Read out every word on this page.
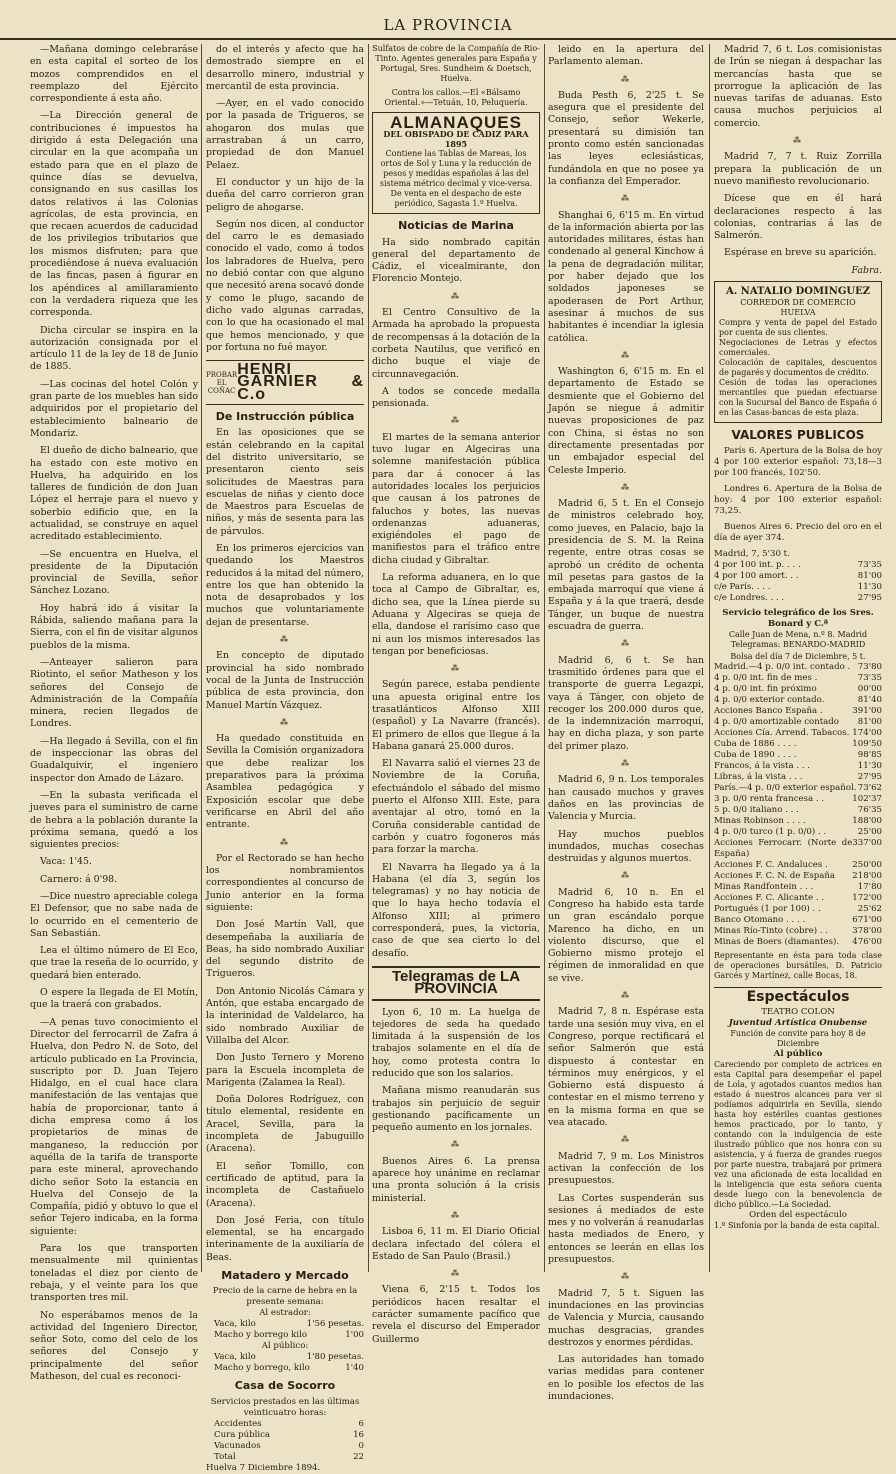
LA PROVINCIA

—Mañana domingo celebraráse en esta capital el sorteo de los mozos comprendidos en el reemplazo del Ejército correspondiente á esta año.

—La Dirección general de contribuciones é impuestos ha dirigido á esta Delegación una circular en la que acompaña un estado para que en el plazo de quince días se devuelva, consignando en sus casillas los datos relativos á las Colonias agrícolas, de esta provincia, en que recaen acuerdos de caducidad de los privilegios tributarios que los mismos disfruten; para que procediéndose á nueva evaluación de las fincas, pasen á figurar en los apéndices al amillaramiento con la verdadera riqueza que les corresponda.

Dicha circular se inspira en la autorización consignada por el artículo 11 de la ley de 18 de Junio de 1885.

—Las cocinas del hotel Colón y gran parte de los muebles han sido adquiridos por el propietario del establecimiento balneario de Mondariz.

El dueño de dicho balneario, que ha estado con este motivo en Huelva, ha adquirido en los talleres de fundición de don Juan López el herraje para el nuevo y soberbio edificio que, en la actualidad, se construye en aquel acreditado establecimiento.

—Se encuentra en Huelva, el presidente de la Diputación provincial de Sevilla, señor Sánchez Lozano.

Hoy habrá ido á visitar la Rábida, saliendo mañana para la Sierra, con el fin de visitar algunos pueblos de la misma.

—Anteayer salieron para Riotinto, el señor Matheson y los señores del Consejo de Administración de la Compañía minera, recien llegados de Londres.

—Ha llegado á Sevilla, con el fin de inspeccionar las obras del Guadalquivir, el ingeniero inspector don Amado de Lázaro.

—En la subasta verificada el jueves para el suministro de carne de hebra a la población durante la próxima semana, quedó a los siguientes precios:

Vaca: 1'45.

Carnero: á 0'98.

—Dice nuestro apreciable colega El Defensor, que no sabe nada de lo ocurrido en el cementerio de San Sebastián.

Lea el último número de El Eco, que trae la reseña de lo ocurrido, y quedará bien enterado.

O espere la llegada de El Motín, que la traerá con grabados.

—A penas tuvo conocimiento el Director del ferrocarril de Zafra á Huelva, don Pedro N. de Soto, del artículo publicado en La Provincia, suscripto por D. Juan Tejero Hidalgo, en el cual hace clara manifestación de las ventajas que había de proporcionar, tanto á dicha empresa como á los propietarios de minas de manganeso, la reducción por aquélla de la tarifa de transporte para este mineral, aprovechando dicho señor Soto la estancia en Huelva del Consejo de la Compañía, pidió y obtuvo lo que el señor Tejero indicaba, en la forma siguiente:

Para los que transporten mensualmente mil quinientas toneladas el diez por ciento de rebaja, y el veinte para los que transporten tres mil.

No esperábamos menos de la actividad del Ingeniero Director, señor Soto, como del celo de los señores del Consejo y principalmente del señor Matheson, del cual es reconoci-

do el interés y afecto que ha demostrado siempre en el desarrollo minero, industrial y mercantil de esta provincia.

—Ayer, en el vado conocido por la pasada de Trigueros, se ahogaron dos mulas que arrastraban á un carro, propiedad de don Manuel Pelaez.

El conductor y un hijo de la dueña del carro corrieron gran peligro de ahogarse.

Según nos dicen, al conductor del carro le es demasiado conocido el vado, como á todos los labradores de Huelva, pero no debió contar con que alguno que necesitó arena socavó donde y como le plugo, sacando de dicho vado algunas carradas, con lo que ha ocasionado el mal que hemos mencionado, y que por fortuna no fué mayor.

PROBAR EL COÑAC
HENRI GARNIER & C.o
De Instrucción pública

En las oposiciones que se están celebrando en la capital del distrito universitario, se presentaron ciento seis solicitudes de Maestras para escuelas de niñas y ciento doce de Maestros para Escuelas de niños, y más de sesenta para las de párvulos.

En los primeros ejercicios van quedando los Maestros reducidos á la mitad del número, entre los que han obtenido la nota de desaprobados y los muchos que voluntariamente dejan de presentarse.

⁂

En concepto de diputado provincial ha sido nombrado vocal de la Junta de Instrucción pública de esta provincia, don Manuel Martín Vázquez.

⁂

Ha quedado constituida en Sevilla la Comisión organizadora que debe realizar los preparativos para la próxima Asamblea pedagógica y Exposición escolar que debe verificarse en Abril del año entrante.

⁂

Por el Rectorado se han hecho los nombramientos correspondientes al concurso de Junio anterior en la forma siguiente:

Don José Martín Vall, que desempeñaba la auxiliaría de Beas, ha sido nombrado Auxiliar del segundo distrito de Trigueros.

Don Antonio Nicolás Cámara y Antón, que estaba encargado de la interinidad de Valdelarco, ha sido nombrado Auxiliar de Villalba del Alcor.

Don Justo Ternero y Moreno para la Escuela incompleta de Marigenta (Zalamea la Real).

Doña Dolores Rodríguez, con título elemental, residente en Aracel, Sevilla, para la incompleta de Jabuguillo (Aracena).

El señor Tomillo, con certificado de aptitud, para la incompleta de Castañuelo (Aracena).

Don José Feria, con título elemental, se ha encargado interinamente de la auxiliaría de Beas.

Matadero y Mercado
Precio de la carne de hebra en la presente semana:
Al estrador:
Vaca, kilo	1'56 pesetas.
Macho y borrego kilo	1'00
Al público:
Vaca, kilo	1'80 pesetas.
Macho y borrego, kilo	1'40
Casa de Socorro
Servicios prestados en las últimas veinticuatro horas:
Accidentes	6
Cura pública	16
Vacunados	0
Total	22
Huelva 7 Diciembre 1894.
Sulfatos de cobre de la Compañía de Rio-Tinto. Agentes generales para España y Portugal, Sres. Sundheim & Doetsch, Huelva.
Contra los callos.—El «Bálsamo Oriental.»—Tetuán, 10, Peluquería.
ALMANAQUES
DEL OBISPADO DE CADIZ PARA 1895
Contiene las Tablas de Mareas, los ortos de Sol y Luna y la reducción de pesos y medidas españolas á las del sistema métrico decimal y vice-versa.
De venta en el despacho de este periódico, Sagasta 1.º Huelva.
Noticias de Marina

Ha sido nombrado capitán general del departamento de Cádiz, el vicealmirante, don Florencio Montejo.

⁂

El Centro Consultivo de la Armada ha aprobado la propuesta de recompensas á la dotación de la corbeta Nautilus, que verificó en dicho buque el viaje de circunnavegación.

A todos se concede medalla pensionada.

⁂

El martes de la semana anterior tuvo lugar en Algeciras una solemne manifestación pública para dar á conocer á las autoridades locales los perjuicios que causan á los patrones de faluchos y botes, las nuevas ordenanzas aduaneras, exigiéndoles el pago de manifiestos para el tráfico entre dicha ciudad y Gibraltar.

La reforma aduanera, en lo que toca al Campo de Gibraltar, es, dicho sea, que la Línea pierde su Aduana y Algeciras se queja de ella, dandose el rarísimo caso que ni aun los mismos interesados las tengan por beneficiosas.

⁂

Según parece, estaba pendiente una apuesta original entre los trasatlánticos Alfonso XIII (español) y La Navarre (francés). El primero de ellos que llegue á la Habana ganará 25.000 duros.

El Navarra salió el viernes 23 de Noviembre de la Coruña, efectuándolo el sábado del mismo puerto el Alfonso XIII. Este, para aventajar al otro, tomó en la Coruña considerable cantidad de carbón y cuatro fogoneros más para forzar la marcha.

El Navarra ha llegado ya á la Habana (el día 3, según los telegramas) y no hay noticia de que lo haya hecho todavía el Alfonso XIII; al primero corresponderá, pues, la victoria, caso de que sea cierto lo del desafío.

Telegramas de LA PROVINCIA

Lyon 6, 10 m. La huelga de tejedores de seda ha quedado limitada á la suspensión de los trabajos solamente en el día de hoy, como protesta contra lo reducido que son los salarios.

Mañana mismo reanudarán sus trabajos sin perjuicio de seguir gestionando pacíficamente un pequeño aumento en los jornales.

⁂

Buenos Aires 6. La prensa aparece hoy unánime en reclamar una pronta solución á la crisis ministerial.

⁂

Lisboa 6, 11 m. El Diario Oficial declara infectado del cólera el Estado de San Paulo (Brasil.)

⁂

Viena 6, 2'15 t. Todos los periódicos hacen resaltar el carácter sumamente pacífico que revela el discurso del Emperador Guillermo

leido en la apertura del Parlamento aleman.

⁂

Buda Pesth 6, 2'25 t. Se asegura que el presidente del Consejo, señor Wekerle, presentará su dimisión tan pronto como estén sancionadas las leyes eclesiásticas, fundándola en que no posee ya la confianza del Emperador.

⁂

Shanghai 6, 6'15 m. En virtud de la información abierta por las autoridades militares, éstas han condenado al general Kinchow á la pena de degradación militar, por haber dejado que los soldados japoneses se apoderasen de Port Arthur, asesinar á muchos de sus habitantes é incendiar la iglesia católica.

⁂

Washington 6, 6'15 m. En el departamento de Estado se desmiente que el Gobierno del Japón se niegue á admitir nuevas proposiciones de paz con China, si éstas no son directamente presentadas por un embajador especial del Celeste Imperio.

⁂

Madrid 6, 5 t. En el Consejo de ministros celebrado hoy, como jueves, en Palacio, bajo la presidencia de S. M. la Reina regente, entre otras cosas se aprobó un crédito de ochenta mil pesetas para gastos de la embajada marroquí que viene á España y á la que traerá, desde Tánger, un buque de nuestra escuadra de guerra.

⁂

Madrid 6, 6 t. Se han trasmitido órdenes para que el transporte de guerra Legazpi, vaya á Tánger, con objeto de recoger los 200.000 duros que, de la indemnización marroquí, hay en dicha plaza, y son parte del primer plazo.

⁂

Madrid 6, 9 n. Los temporales han causado muchos y graves daños en las provincias de Valencia y Murcia.

Hay muchos pueblos inundados, muchas cosechas destruidas y algunos muertos.

⁂

Madrid 6, 10 n. En el Congreso ha habido esta tarde un gran escándalo porque Marenco ha dicho, en un violento discurso, que el Gobierno mismo protejo el régimen de inmoralidad en que se vive.

⁂

Madrid 7, 8 n. Espérase esta tarde una sesión muy viva, en el Congreso, porque rectificará el señor Salmerón que está dispuesto á contestar en términos muy enérgicos, y el Gobierno está dispuesto á contestar en el mismo terreno y en la misma forma en que se vea atacado.

⁂

Madrid 7, 9 m. Los Ministros activan la confección de los presupuestos.

Las Cortes suspenderán sus sesiones á mediados de este mes y no volverán á reanudarlas hasta mediados de Enero, y entonces se leerán en ellas los presupuestos.

⁂

Madrid 7, 5 t. Siguen las inundaciones en las provincias de Valencia y Murcia, causando muchas desgracias, grandes destrozos y enormes pérdidas.

Las autoridades han tomado varias medidas para contener en lo posible los efectos de las inundaciones.

Madrid 7, 6 t. Los comisionistas de Irún se niegan á despachar las mercancías hasta que se prorrogue la aplicación de las nuevas tarifas de aduanas. Esto causa muchos perjuicios al comercio.

⁂

Madrid 7, 7 t. Ruiz Zorrilla prepara la publicación de un nuevo manifiesto revolucionario.

Dícese que en él hará declaraciones respecto á las colonias, contrarias á las de Salmerón.

Espérase en breve su aparición.

Fabra.
A. NATALIO DOMINGUEZ
CORREDOR DE COMERCIO
HUELVA
Compra y venta de papel del Estado por cuenta de sus clientes.
Negociaciones de Letras y efectos comerciales.
Colocación de capitales, descuentos de pagarés y documentos de crédito.
Cesión de todas las operaciones mercantiles que puedan efectuarse con la Sucursal del Banco de España ó en las Casas-bancas de esta plaza.
VALORES PUBLICOS

París 6. Apertura de la Bolsa de hoy 4 por 100 exterior español: 73,18—3 por 100 francés, 102'50.

Londres 6. Apertura de la Bolsa de hoy: 4 por 100 exterior español: 73,25.

Buenos Aires 6. Precio del oro en el día de ayer 374.

Madrid, 7, 5'30 t.
4 por 100 int. p. . . .	73'35
4 por 100 amort. . .	81'00
c/e París. . . .	11'30
c/e Londres. . . .	27'95
Servicio telegráfico de los Sres. Bonard y C.ª
Calle Juan de Mena, n.º 8. Madrid
Telegramas: BENARDO-MADRID
Bolsa del día 7 de Diciembre, 5 t.
Madrid.—4 p. 0/0 int. contado . 73'80
4 p. 0/0 int. fin de mes .	73'35
4 p. 0/0 int. fin próximo	00'00
4 p. 0/0 exterior contado.	81'40
Acciones Banco España .	391'00
4 p. 0/0 amortizable contado 81'00
Acciones Cía. Arrend. Tabacos. 174'00
Cuba de 1886 . . . .	109'50
Cuba de 1890 . . . .	98'85
Francos, á la vista . . .	11'30
Libras, á la vista . . .	27'95
París.—4 p. 0/0 exterior español. 73'62
3 p. 0/0 renta francesa . .	102'37
5 p. 0/0 italiano . . .	76'35
Minas Robinson . . . .	188'00
4 p. 0/0 turco (1 p. 0/0) . .	25'00
Acciones Ferrocarr. (Norte de España)
337'00
Acciones F. C. Andaluces .	250'00
Acciones F. C. N. de España 218'00
Minas Randfontein . . .	17'80
Acciones F. C. Alicante . .	172'00
Portugués (1 por 100) . .	25'62
Banco Otomano . . . .	671'00
Minas Río-Tinto (cobre) . .	378'00
Minas de Boers (diamantes). 476'00
Representante en ésta para toda clase de operaciones bursátiles, D. Patricio Garcés y Martínez, calle Bocas, 18.
Espectáculos
TEATRO COLON
Juventud Artística Onubense
Función de convite para hoy 8 de Diciembre
Al público
Careciendo por completo de actrices en esta Capital para desempeñar el papel de Lola, y agotados cuantos medios han estado á nuestros alcances para ver si podíamos adquirirla en Sevilla, siendo hasta hoy estériles cuantas gestiones hemos practicado, por lo tanto, y contando con la indulgencia de este ilustrado público que nos honra con su asistencia, y á fuerza de grandes ruegos por parte nuestra, trabajará por primera vez una aficionada de esta localidad en la inteligencia que esta señora cuenta desde luego con la benevolencia de dicho público.—La Sociedad.
Orden del espectáculo
1.º Sinfonía por la banda de esta capital.
